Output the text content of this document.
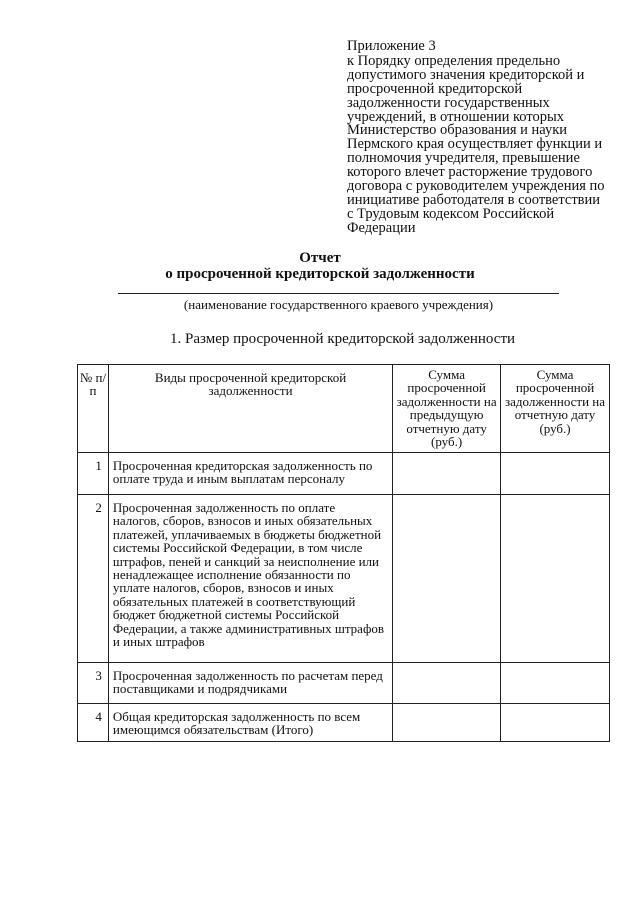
Приложение 3
к Порядку определения предельно допустимого значения кредиторской и просроченной кредиторской задолженности государственных учреждений, в отношении которых Министерство образования и науки Пермского края осуществляет функции и полномочия учредителя, превышение которого влечет расторжение трудового договора с руководителем учреждения по инициативе работодателя в соответствии с Трудовым кодексом Российской Федерации
Отчет
о просроченной кредиторской задолженности
(наименование государственного краевого учреждения)
1. Размер просроченной кредиторской задолженности
№ п/п	Виды просроченной кредиторской задолженности	Сумма просроченной задолженности на предыдущую отчетную дату (руб.)	Сумма просроченной задолженности на отчетную дату (руб.)

1	Просроченная кредиторская задолженность по оплате труда и иным выплатам персоналу		

2	Просроченная задолженность по оплате налогов, сборов, взносов и иных обязательных платежей, уплачиваемых в бюджеты бюджетной системы Российской Федерации, в том числе штрафов, пеней и санкций за неисполнение или ненадлежащее исполнение обязанности по уплате налогов, сборов, взносов и иных обязательных платежей в соответствующий бюджет бюджетной системы Российской Федерации, а также административных штрафов и иных штрафов		

3	Просроченная задолженность по расчетам перед поставщиками и подрядчиками		

4	Общая кредиторская задолженность по всем имеющимся обязательствам (Итого)		
